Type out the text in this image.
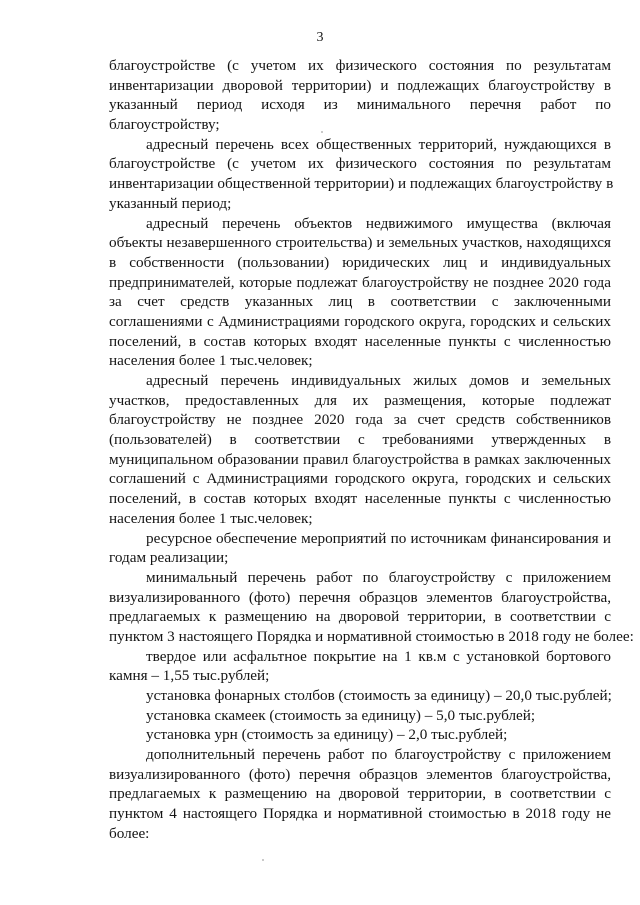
3
благоустройстве (с учетом их физического состояния по результатам
инвентаризации дворовой территории) и подлежащих благоустройству в
указанный период исходя из минимального перечня работ по
благоустройству;
адресный перечень всех общественных территорий, нуждающихся в
благоустройстве (с учетом их физического состояния по результатам
инвентаризации общественной территории) и подлежащих благоустройству в
указанный период;
адресный перечень объектов недвижимого имущества (включая
объекты незавершенного строительства) и земельных участков, находящихся
в собственности (пользовании) юридических лиц и индивидуальных
предпринимателей, которые подлежат благоустройству не позднее 2020 года
за счет средств указанных лиц в соответствии с заключенными
соглашениями с Администрациями городского округа, городских и сельских
поселений, в состав которых входят населенные пункты с численностью
населения более 1 тыс.человек;
адресный перечень индивидуальных жилых домов и земельных
участков, предоставленных для их размещения, которые подлежат
благоустройству не позднее 2020 года за счет средств собственников
(пользователей) в соответствии с требованиями утвержденных в
муниципальном образовании правил благоустройства в рамках заключенных
соглашений с Администрациями городского округа, городских и сельских
поселений, в состав которых входят населенные пункты с численностью
населения более 1 тыс.человек;
ресурсное обеспечение мероприятий по источникам финансирования и
годам реализации;
минимальный перечень работ по благоустройству с приложением
визуализированного (фото) перечня образцов элементов благоустройства,
предлагаемых к размещению на дворовой территории, в соответствии с
пунктом 3 настоящего Порядка и нормативной стоимостью в 2018 году не более:
твердое или асфальтное покрытие на 1 кв.м с установкой бортового
камня – 1,55 тыс.рублей;
установка фонарных столбов (стоимость за единицу) – 20,0 тыс.рублей;
установка скамеек (стоимость за единицу) – 5,0 тыс.рублей;
установка урн (стоимость за единицу) – 2,0 тыс.рублей;
дополнительный перечень работ по благоустройству с приложением
визуализированного (фото) перечня образцов элементов благоустройства,
предлагаемых к размещению на дворовой территории, в соответствии с
пунктом 4 настоящего Порядка и нормативной стоимостью в 2018 году не
более:
